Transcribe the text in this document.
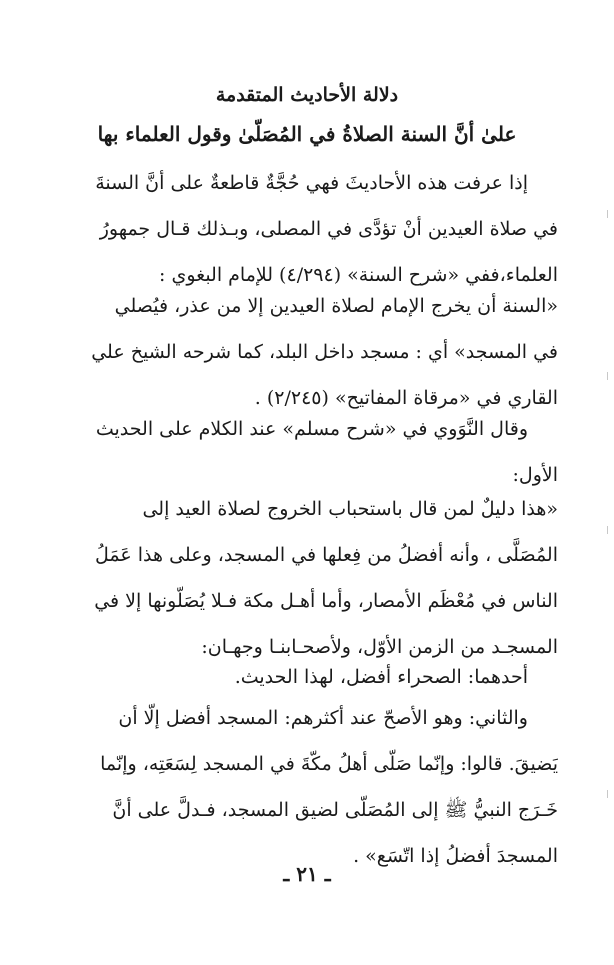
دلالة الأحاديث المتقدمة

علىٰ أنَّ السنة الصلاةُ في المُصَلّىٰ وقول العلماء بها

إذا عرفت هذه الأحاديثَ فهي حُجَّةٌ قاطعةٌ على أنَّ السنةَ
في صلاة العيدين أنْ تؤدَّى في المصلى، وبـذلك قـال جمهورُ
العلماء،ففي «شرح السنة» (٤/٢٩٤) للإمام البغوي :

«السنة أن يخرج الإمام لصلاة العيدين إلا من عذر، فيُصلي
في المسجد» أي : مسجد داخل البلد، كما شرحه الشيخ علي
القاري في «مرقاة المفاتيح» (٢/٢٤٥) .

وقال النَّوَوي في «شرح مسلم» عند الكلام على الحديث
الأول:

«هذا دليلٌ لمن قال باستحباب الخروج لصلاة العيد إلى
المُصَلَّى ، وأنه أفضلُ من فِعلها في المسجد، وعلى هذا عَمَلُ
الناس في مُعْظَم الأمصار، وأما أهـل مكة فـلا يُصَلّونها إلا في
المسجـد من الزمن الأوّل، ولأصحـابنـا وجهـان:

أحدهما: الصحراء أفضل، لهذا الحديث.

والثاني: وهو الأصحّ عند أكثرهم: المسجد أفضل إلّا أن
يَضيقَ. قالوا: وإنّما صَلّى أهلُ مكّةَ في المسجد لِسَعَتِه، وإنّما
خَـرَج النبيُّ ﷺ إلى المُصَلّى لضيق المسجد، فـدلَّ على أنَّ
المسجدَ أفضلُ إذا اتّسَع» .

ـ ٢١ ـ
